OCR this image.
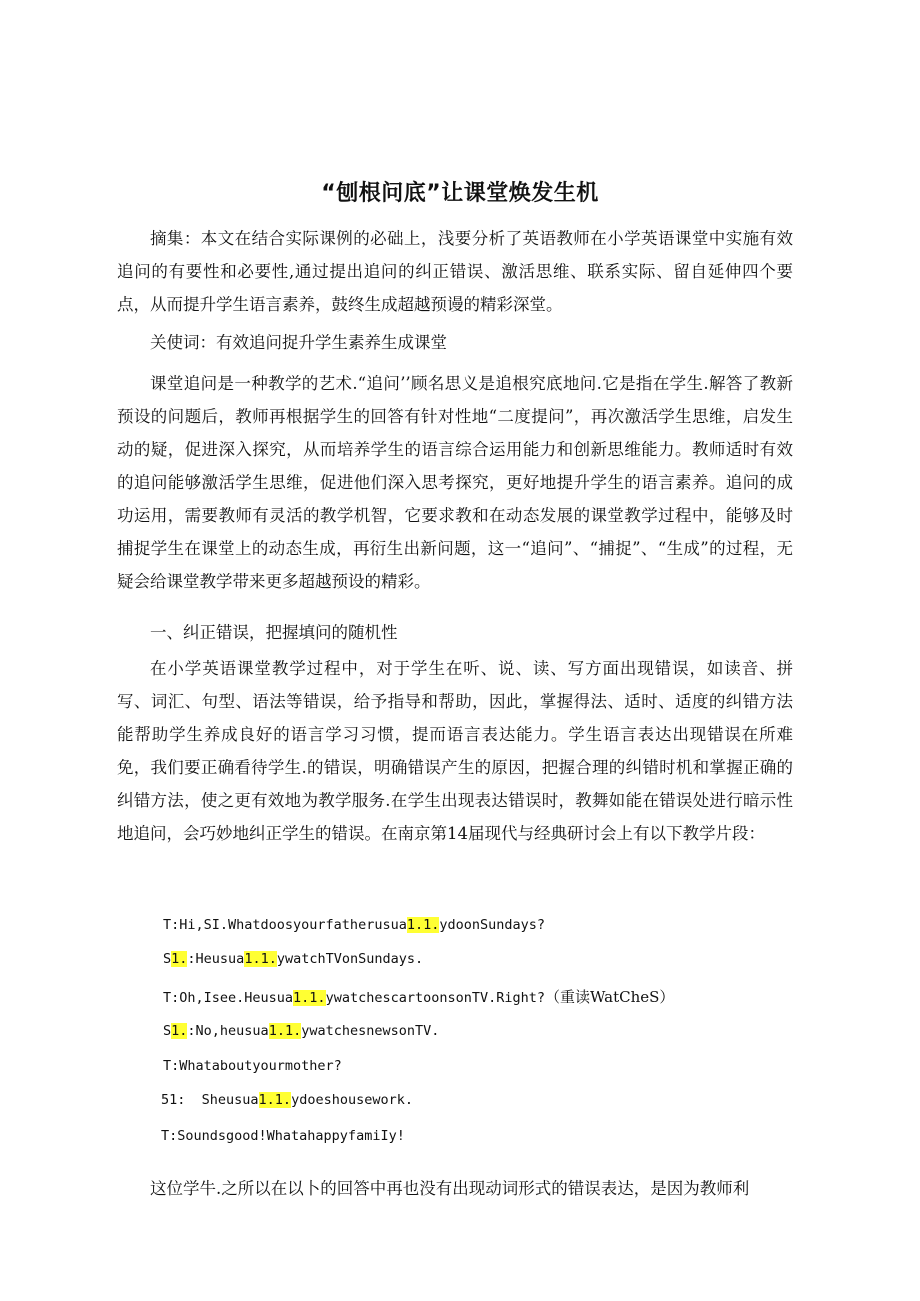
“刨根问底”让课堂焕发生机

摘集：本文在结合实际课例的必础上，浅要分析了英语教师在小学英语课堂中实施有效追问的有要性和必要性,通过提出追问的纠正错误、激活思维、联系实际、留自延伸四个要点，从而提升学生语言素养，鼓终生成超越预谩的精彩深堂。

关使词：有效追问捉升学生素养生成课堂

课堂追问是一种教学的艺术.“追问’’顾名思义是追根究底地问.它是指在学生.解答了教新预设的问题后，教师再根据学生的回答有针对性地“二度提问”，再次激活学生思维，启发生动的疑，促进深入探究，从而培养学生的语言综合运用能力和创新思维能力。教师适时有效的追问能够激活学生思维，促进他们深入思考探究，更好地提升学生的语言素养。追问的成功运用，需要教师有灵活的教学机智，它要求教和在动态发展的课堂教学过程中，能够及时捕捉学生在课堂上的动态生成，再衍生出新问题，这一“追问”、“捕捉”、“生成”的过程，无疑会给课堂教学带来更多超越预设的精彩。

一、纠正错误，把握填问的随机性

在小学英语课堂教学过程中，对于学生在听、说、读、写方面出现错误，如读音、拼写、词汇、句型、语法等错误，给予指导和帮助，因此，掌握得法、适时、适度的纠错方法能帮助学生养成良好的语言学习习惯，提而语言表达能力。学生语言表达出现错误在所难免，我们要正确看待学生.的错误，明确错误产生的原因，把握合理的纠错时机和掌握正确的纠错方法，使之更有效地为教学服务.在学生出现表达错误时，教舞如能在错误处进行暗示性地追问，会巧妙地纠正学生的错误。在南京第14届现代与经典研讨会上有以下教学片段：

T:Hi,SI.Whatdoosyourfatherusua1.1.ydoonSundays?
S1.:Heusua1.1.ywatchTVonSundays.
T:Oh,Isee.Heusua1.1.ywatchescartoonsonTV.Right?（重读WatCheS）
S1.:No,heusua1.1.ywatchesnewsonTV.
T:Whataboutyourmother?
51:  Sheusua1.1.ydoeshousework.
T:Soundsgood!WhatahappyfamiIy!

这位学牛.之所以在以卜的回答中再也没有出现动词形式的错误表达，是因为教师利
